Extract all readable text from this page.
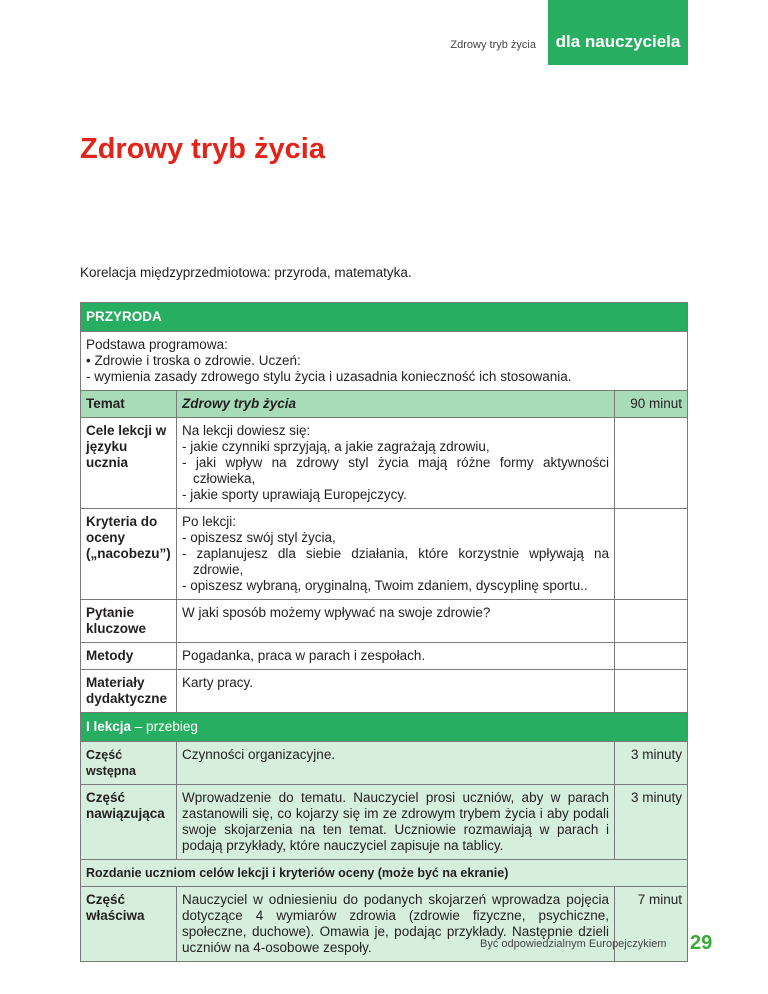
Zdrowy tryb życia	dla nauczyciela
Zdrowy tryb życia

Korelacja międzyprzedmiotowa: przyroda, matematyka.

PRZYRODA		

Podstawa programowa:
• Zdrowie i troska o zdrowie. Uczeń:
- wymienia zasady zdrowego stylu życia i uzasadnia konieczność ich stosowania.		

Temat	Zdrowy tryb życia	90 minut
Cele lekcji w języku ucznia	Na lekcji dowiesz się:
- jakie czynniki sprzyjają, a jakie zagrażają zdrowiu,
- jaki wpływ na zdrowy styl życia mają różne formy aktywności człowieka,
- jakie sporty uprawiają Europejczycy.	

Kryteria do oceny („nacobezu”)	Po lekcji:
- opiszesz swój styl życia,
- zaplanujesz dla siebie działania, które korzystnie wpływają na zdrowie,
- opiszesz wybraną, oryginalną, Twoim zdaniem, dyscyplinę sportu..	

Pytanie kluczowe	W jaki sposób możemy wpływać na swoje zdrowie?	
Metody	Pogadanka, praca w parach i zespołach.	
Materiały dydaktyczne	Karty pracy.	
I lekcja – przebieg		
Część wstępna	Czynności organizacyjne.	3 minuty
Część nawiązująca	Wprowadzenie do tematu. Nauczyciel prosi uczniów, aby w parach zastanowili się, co kojarzy się im ze zdrowym trybem życia i aby podali swoje skojarzenia na ten temat. Uczniowie rozmawiają w parach i podają przykłady, które nauczyciel zapisuje na tablicy.	3 minuty
Rozdanie uczniom celów lekcji i kryteriów oceny (może być na ekranie)		
Część właściwa	Nauczyciel w odniesieniu do podanych skojarzeń wprowadza pojęcia dotyczące 4 wymiarów zdrowia (zdrowie fizyczne, psychiczne, społeczne, duchowe). Omawia je, podając przykłady. Następnie dzieli uczniów na 4-osobowe zespoły.	7 minut
Być odpowiedzialnym Europejczykiem 29
